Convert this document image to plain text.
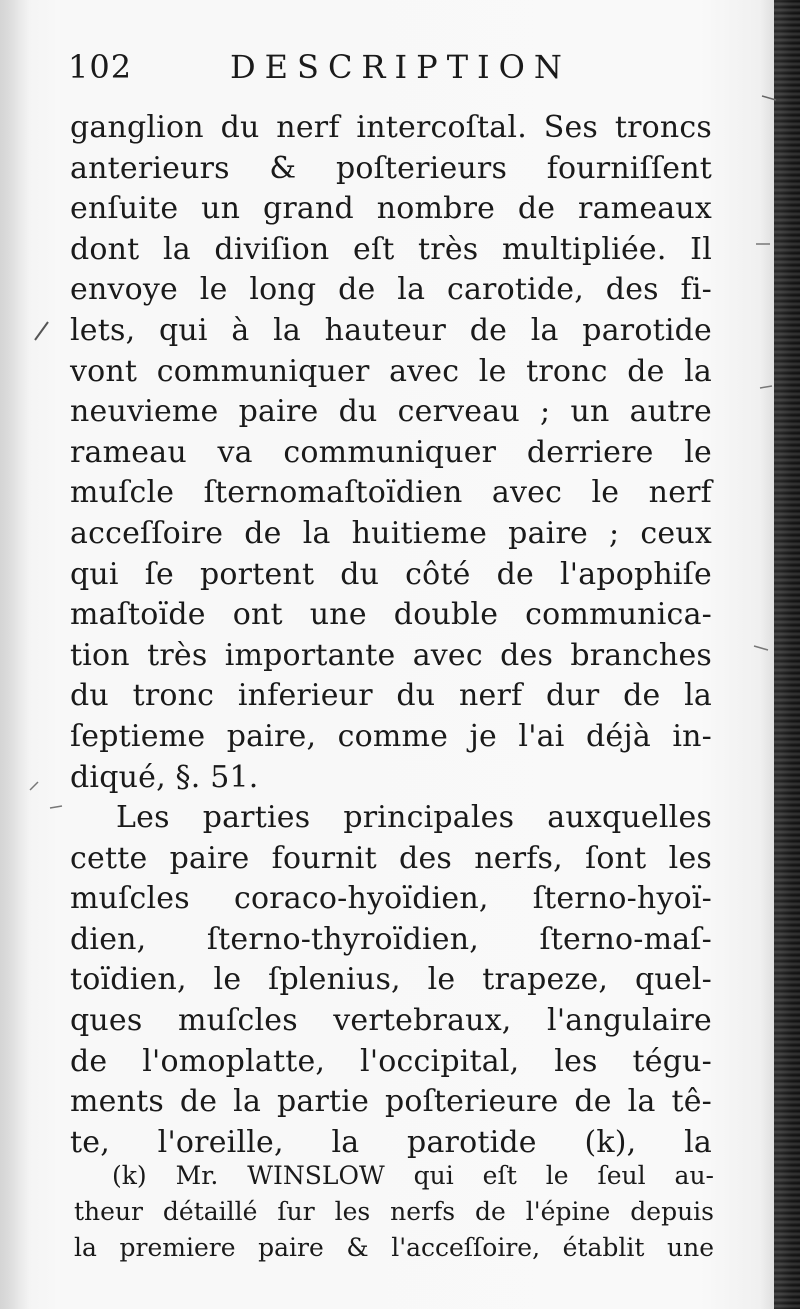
102	DESCRIPTION
ganglion du nerf intercoſtal. Ses troncs
anterieurs & poſterieurs fourniſſent
enſuite un grand nombre de rameaux
dont la diviſion eſt très multipliée. Il
envoye le long de la carotide, des fi-
lets, qui à la hauteur de la parotide
vont communiquer avec le tronc de la
neuvieme paire du cerveau ; un autre
rameau va communiquer derriere le
muſcle ſternomaſtoïdien avec le nerf
acceſſoire de la huitieme paire ; ceux
qui ſe portent du côté de l'apophiſe
maſtoïde ont une double communica-
tion très importante avec des branches
du tronc inferieur du nerf dur de la
ſeptieme paire, comme je l'ai déjà in-
diqué, §. 51.
Les parties principales auxquelles
cette paire fournit des nerfs, ſont les
muſcles coraco-hyoïdien, ſterno-hyoï-
dien, ſterno-thyroïdien, ſterno-maſ-
toïdien, le ſplenius, le trapeze, quel-
ques muſcles vertebraux, l'angulaire
de l'omoplatte, l'occipital, les tégu-
ments de la partie poſterieure de la tê-
te, l'oreille, la parotide (k), la
(k) Mr. WINSLOW qui eſt le ſeul au-
theur détaillé ſur les nerfs de l'épine depuis
la premiere paire & l'acceſſoire, établit une
